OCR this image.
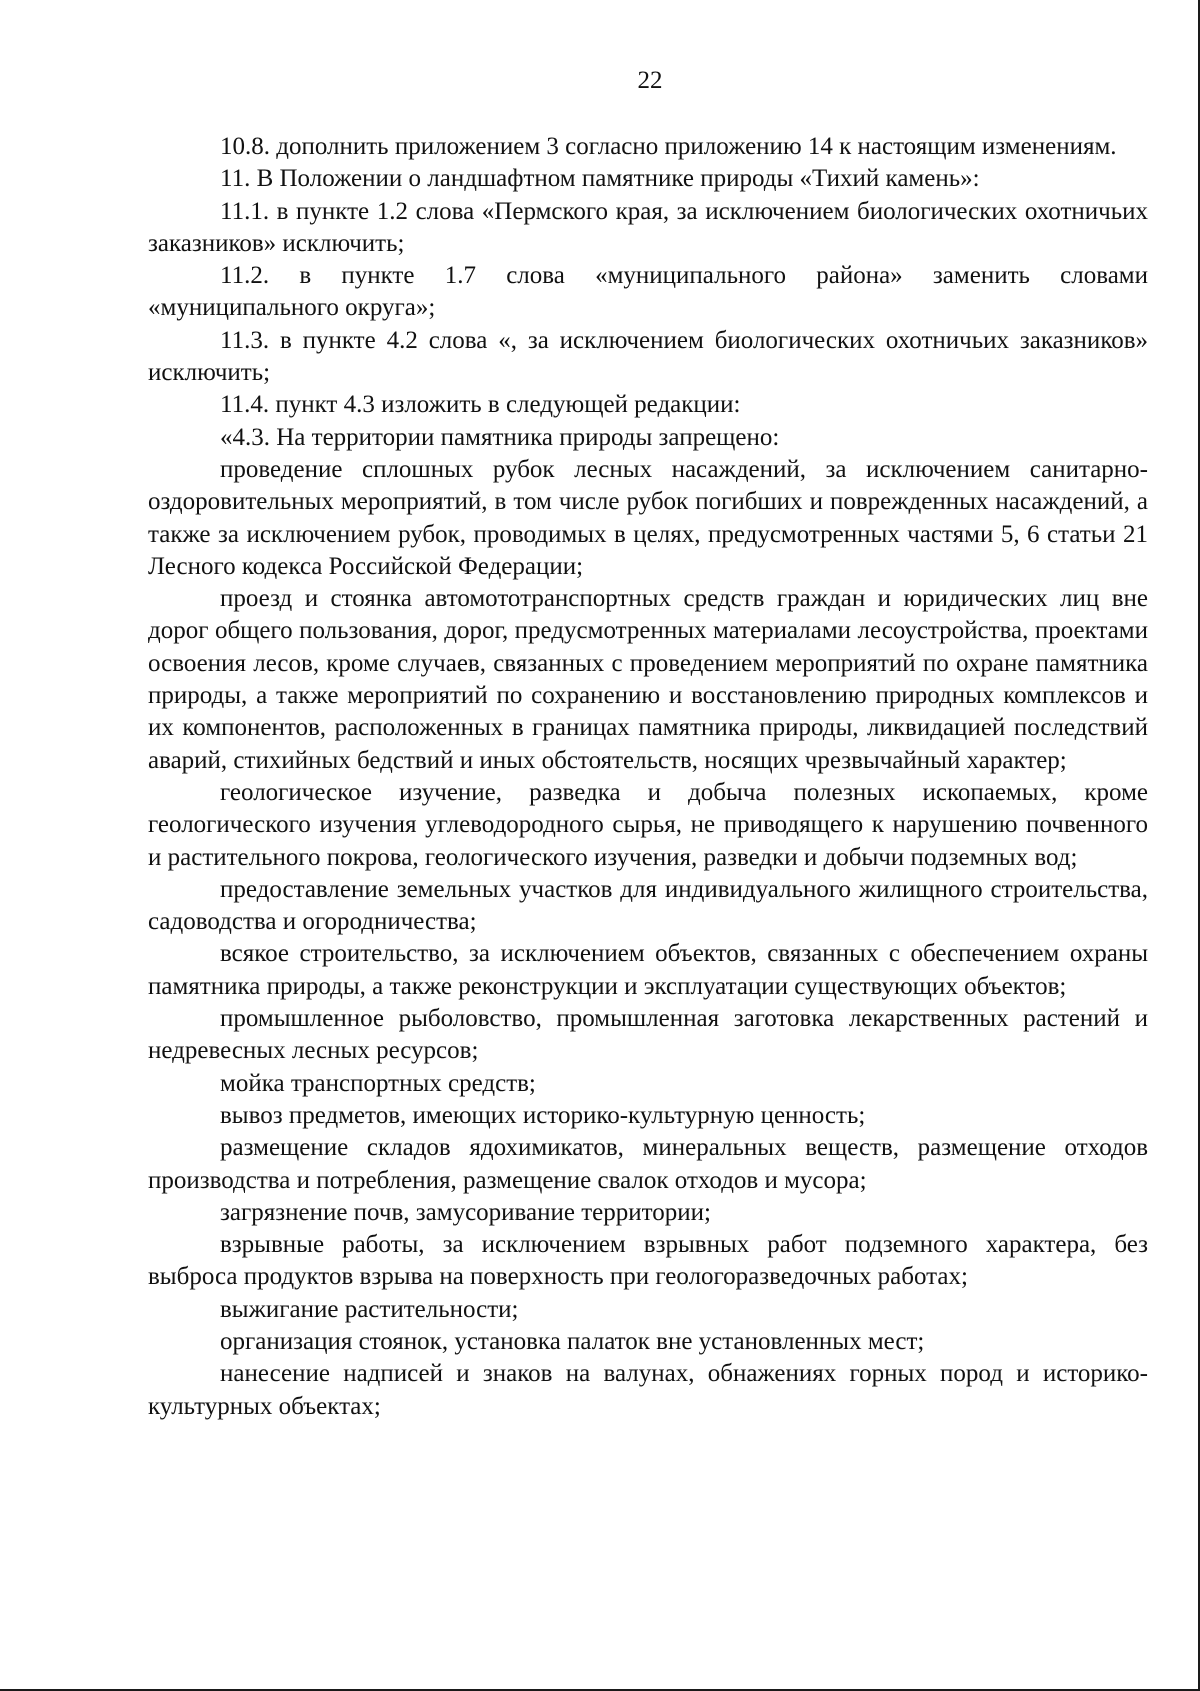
22

10.8. дополнить приложением 3 согласно приложению 14 к настоящим изменениям.

11. В Положении о ландшафтном памятнике природы «Тихий камень»:

11.1. в пункте 1.2 слова «Пермского края, за исключением биологических охотничьих заказников» исключить;

11.2. в пункте 1.7 слова «муниципального района» заменить словами «муниципального округа»;

11.3. в пункте 4.2 слова «, за исключением биологических охотничьих заказников» исключить;

11.4. пункт 4.3 изложить в следующей редакции:

«4.3. На территории памятника природы запрещено:

проведение сплошных рубок лесных насаждений, за исключением санитарно-оздоровительных мероприятий, в том числе рубок погибших и поврежденных насаждений, а также за исключением рубок, проводимых в целях, предусмотренных частями 5, 6 статьи 21 Лесного кодекса Российской Федерации;

проезд и стоянка автомототранспортных средств граждан и юридических лиц вне дорог общего пользования, дорог, предусмотренных материалами лесоустройства, проектами освоения лесов, кроме случаев, связанных с проведением мероприятий по охране памятника природы, а также мероприятий по сохранению и восстановлению природных комплексов и их компонентов, расположенных в границах памятника природы, ликвидацией последствий аварий, стихийных бедствий и иных обстоятельств, носящих чрезвычайный характер;

геологическое изучение, разведка и добыча полезных ископаемых, кроме геологического изучения углеводородного сырья, не приводящего к нарушению почвенного и растительного покрова, геологического изучения, разведки и добычи подземных вод;

предоставление земельных участков для индивидуального жилищного строительства, садоводства и огородничества;

всякое строительство, за исключением объектов, связанных с обеспечением охраны памятника природы, а также реконструкции и эксплуатации существующих объектов;

промышленное рыболовство, промышленная заготовка лекарственных растений и недревесных лесных ресурсов;

мойка транспортных средств;

вывоз предметов, имеющих историко-культурную ценность;

размещение складов ядохимикатов, минеральных веществ, размещение отходов производства и потребления, размещение свалок отходов и мусора;

загрязнение почв, замусоривание территории;

взрывные работы, за исключением взрывных работ подземного характера, без выброса продуктов взрыва на поверхность при геологоразведочных работах;

выжигание растительности;

организация стоянок, установка палаток вне установленных мест;

нанесение надписей и знаков на валунах, обнажениях горных пород и историко-культурных объектах;
